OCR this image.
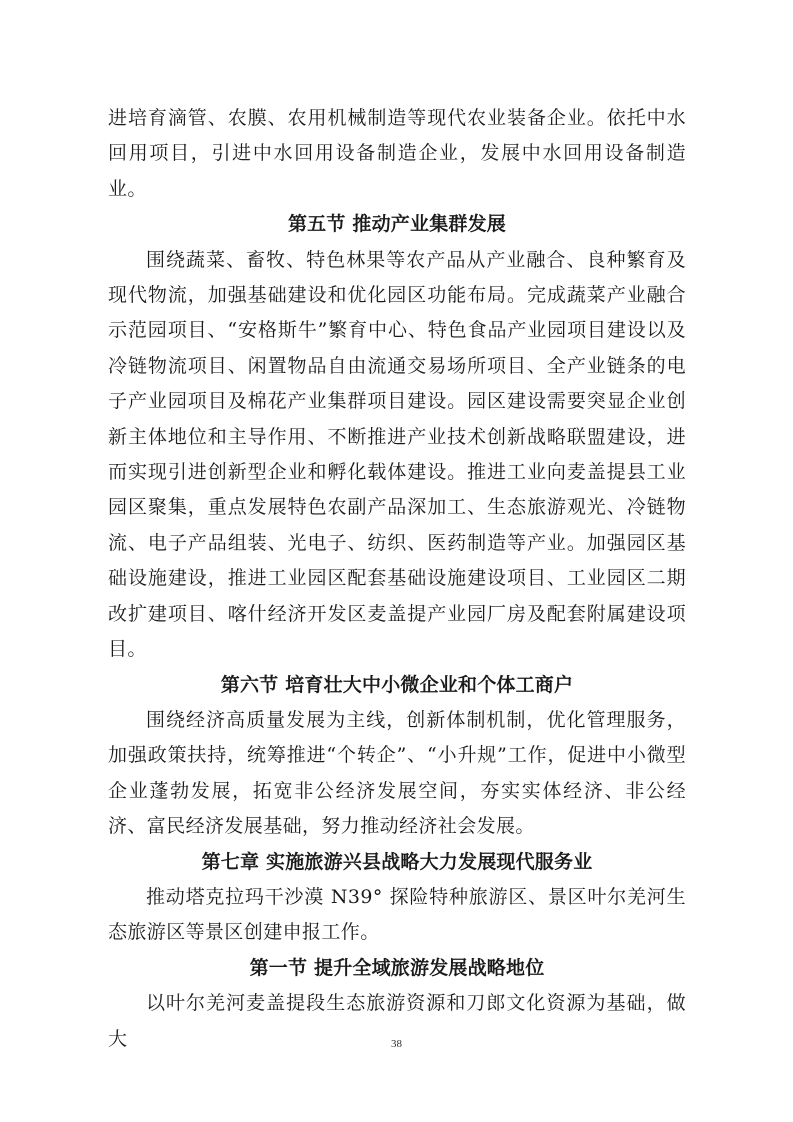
进培育滴管、农膜、农用机械制造等现代农业装备企业。依托中水回用项目，引进中水回用设备制造企业，发展中水回用设备制造业。

第五节 推动产业集群发展

围绕蔬菜、畜牧、特色林果等农产品从产业融合、良种繁育及现代物流，加强基础建设和优化园区功能布局。完成蔬菜产业融合示范园项目、“安格斯牛”繁育中心、特色食品产业园项目建设以及冷链物流项目、闲置物品自由流通交易场所项目、全产业链条的电子产业园项目及棉花产业集群项目建设。园区建设需要突显企业创新主体地位和主导作用、不断推进产业技术创新战略联盟建设，进而实现引进创新型企业和孵化载体建设。推进工业向麦盖提县工业园区聚集，重点发展特色农副产品深加工、生态旅游观光、冷链物流、电子产品组装、光电子、纺织、医药制造等产业。加强园区基础设施建设，推进工业园区配套基础设施建设项目、工业园区二期改扩建项目、喀什经济开发区麦盖提产业园厂房及配套附属建设项目。

第六节 培育壮大中小微企业和个体工商户

围绕经济高质量发展为主线，创新体制机制，优化管理服务，加强政策扶持，统筹推进“个转企”、“小升规”工作，促进中小微型企业蓬勃发展，拓宽非公经济发展空间，夯实实体经济、非公经济、富民经济发展基础，努力推动经济社会发展。

第七章 实施旅游兴县战略大力发展现代服务业

推动塔克拉玛干沙漠 N39° 探险特种旅游区、景区叶尔羌河生态旅游区等景区创建申报工作。

第一节 提升全域旅游发展战略地位

以叶尔羌河麦盖提段生态旅游资源和刀郎文化资源为基础，做大	38
